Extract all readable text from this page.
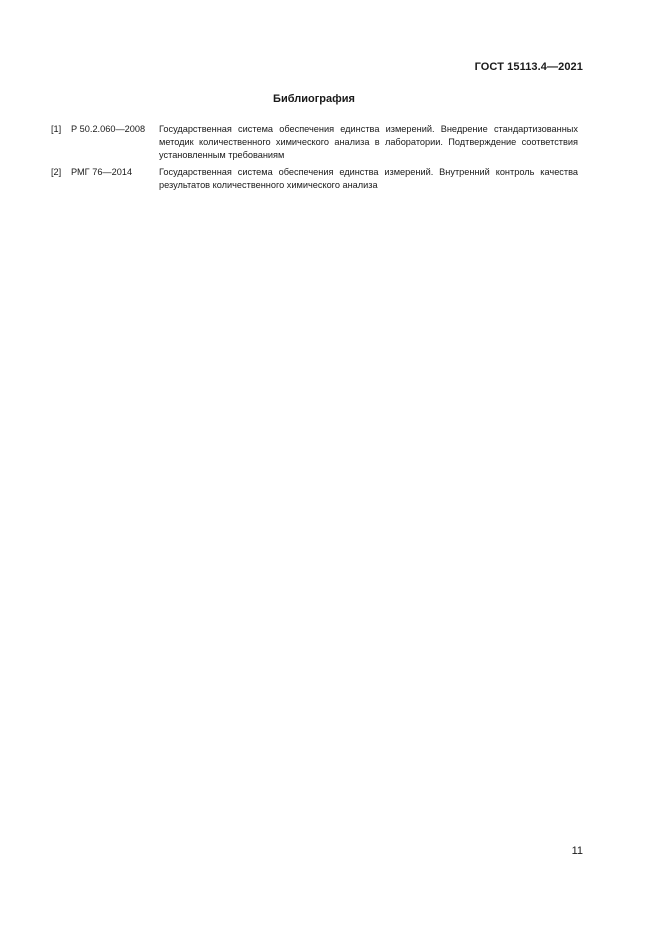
ГОСТ 15113.4—2021
Библиография
[1] Р 50.2.060—2008 Государственная система обеспечения единства измерений. Внедрение стандартизованных методик количественного химического анализа в лаборатории. Подтверждение соответствия установленным требованиям
[2] РМГ 76—2014	Государственная система обеспечения единства измерений. Внутренний контроль качества результатов количественного химического анализа
11
